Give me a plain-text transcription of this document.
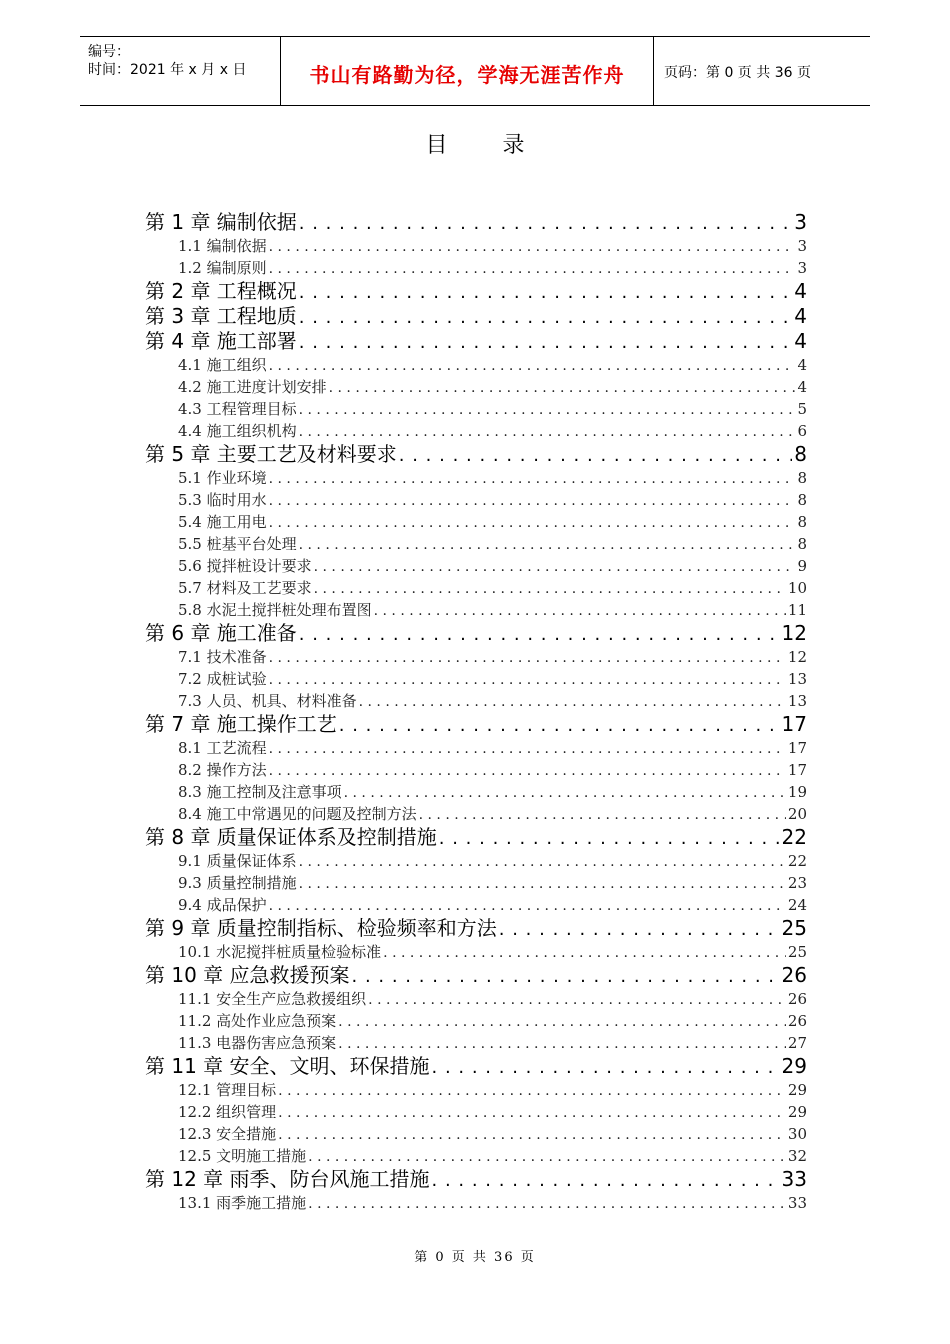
编号：
时间：2021 年 x 月 x 日	书山有路勤为径，学海无涯苦作舟	页码：第 0 页 共 36 页
目 录
第 1 章 编制依据 . . .	3
1.1 编制依据 . . .	3
1.2 编制原则 . . .	3
第 2 章 工程概况 . . .	4
第 3 章 工程地质 . . .	4
第 4 章 施工部署 . . .	4
4.1 施工组织 . . .	4
4.2 施工进度计划安排 . . .	4
4.3 工程管理目标 . . .	5
4.4 施工组织机构 . . .	6
第 5 章 主要工艺及材料要求 . . .	8
5.1 作业环境 . . .	8
5.3 临时用水 . . .	8
5.4 施工用电 . . .	8
5.5 桩基平台处理 . . .	8
5.6 搅拌桩设计要求 . . .	9
5.7 材料及工艺要求 . . .	10
5.8 水泥土搅拌桩处理布置图 . . .	11
第 6 章 施工准备 . . .	12
7.1 技术准备 . . .	12
7.2 成桩试验 . . .	13
7.3 人员、机具、材料准备 . . .	13
第 7 章 施工操作工艺 . . .	17
8.1 工艺流程 . . .	17
8.2 操作方法 . . .	17
8.3 施工控制及注意事项 . . .	19
8.4 施工中常遇见的问题及控制方法 . . .	20
第 8 章 质量保证体系及控制措施 . . .	22
9.1 质量保证体系 . . .	22
9.3 质量控制措施 . . .	23
9.4 成品保护 . . .	24
第 9 章 质量控制指标、检验频率和方法 . . .	25
10.1 水泥搅拌桩质量检验标准 . . .	25
第 10 章 应急救援预案 . . .	26
11.1 安全生产应急救援组织 . . .	26
11.2 高处作业应急预案 . . .	26
11.3 电器伤害应急预案 . . .	27
第 11 章 安全、文明、环保措施 . . .	29
12.1 管理目标 . . .	29
12.2 组织管理 . . .	29
12.3 安全措施 . . .	30
12.5 文明施工措施 . . .	32
第 12 章 雨季、防台风施工措施 . . .	33
13.1 雨季施工措施 . . .	33
第 0 页 共 36 页
